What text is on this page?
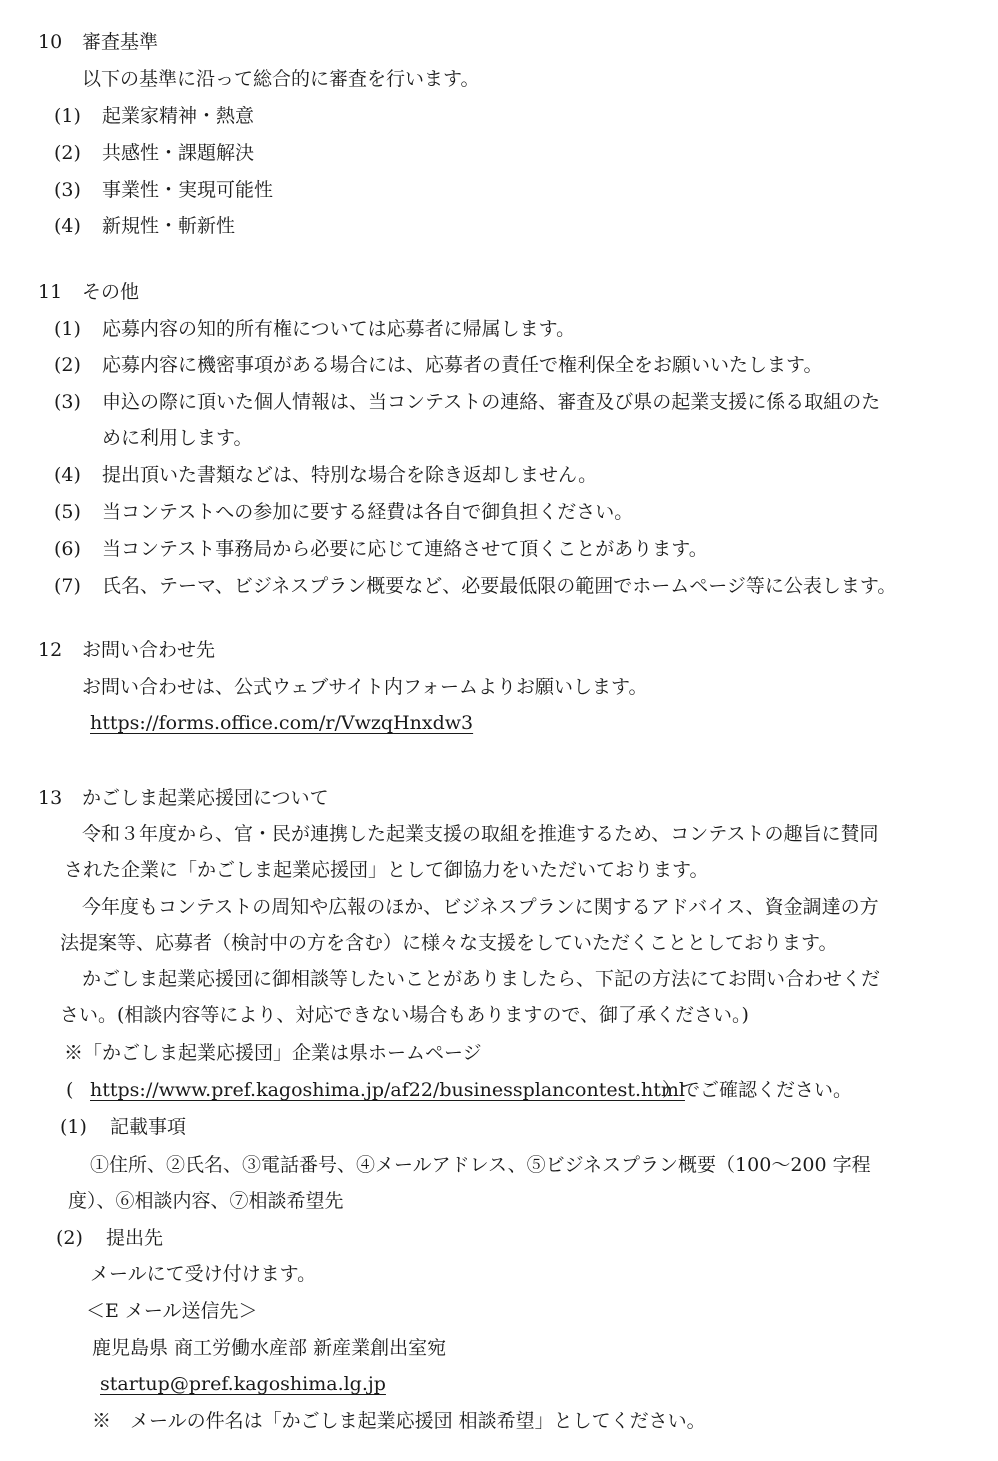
10 審査基準
以下の基準に沿って総合的に審査を行います。
(1) 起業家精神・熱意
(2) 共感性・課題解決
(3) 事業性・実現可能性
(4) 新規性・斬新性
11 その他
(1) 応募内容の知的所有権については応募者に帰属します。
(2) 応募内容に機密事項がある場合には、応募者の責任で権利保全をお願いいたします。
(3) 申込の際に頂いた個人情報は、当コンテストの連絡、審査及び県の起業支援に係る取組のた
めに利用します。
(4) 提出頂いた書類などは、特別な場合を除き返却しません。
(5) 当コンテストへの参加に要する経費は各自で御負担ください。
(6) 当コンテスト事務局から必要に応じて連絡させて頂くことがあります。
(7) 氏名、テーマ、ビジネスプラン概要など、必要最低限の範囲でホームページ等に公表します。
12 お問い合わせ先
お問い合わせは、公式ウェブサイト内フォームよりお願いします。
https://forms.office.com/r/VwzqHnxdw3
13 かごしま起業応援団について
令和３年度から、官・民が連携した起業支援の取組を推進するため、コンテストの趣旨に賛同
された企業に「かごしま起業応援団」として御協力をいただいております。
今年度もコンテストの周知や広報のほか、ビジネスプランに関するアドバイス、資金調達の方
法提案等、応募者（検討中の方を含む）に様々な支援をしていただくこととしております。
かごしま起業応援団に御相談等したいことがありましたら、下記の方法にてお問い合わせくだ
さい。(相談内容等により、対応できない場合もありますので、御了承ください。)
※「かごしま起業応援団」企業は県ホームページ
( https://www.pref.kagoshima.jp/af22/businessplancontest.html
）でご確認ください。
(1) 記載事項
①住所、②氏名、③電話番号、④メールアドレス、⑤ビジネスプラン概要（100～200 字程
度）、⑥相談内容、⑦相談希望先
(2) 提出先
メールにて受け付けます。
＜E メール送信先＞
鹿児島県 商工労働水産部 新産業創出室宛
startup@pref.kagoshima.lg.jp
※　メールの件名は「かごしま起業応援団 相談希望」としてください。
